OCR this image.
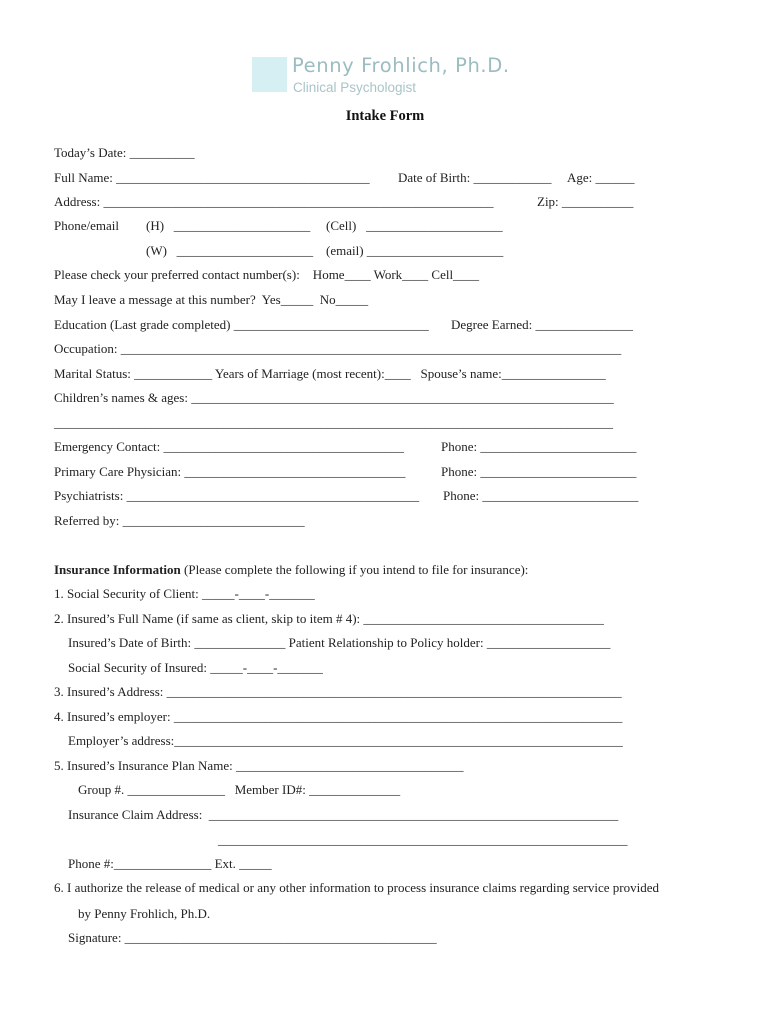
Penny Frohlich, Ph.D.
Clinical Psychologist
Intake Form
Today’s Date: __________
Full Name: _______________________________________ Date of Birth: ____________ Age: ______
Address: ____________________________________________________________	Zip: ___________
Phone/email (H)   _____________________ (Cell)   _____________________
(W)   _____________________ (email) _____________________
Please check your preferred contact number(s):    Home____ Work____ Cell____
May I leave a message at this number?  Yes_____  No_____
Education (Last grade completed) ______________________________ Degree Earned: _______________
Occupation: _____________________________________________________________________________
Marital Status: ____________ Years of Marriage (most recent):____   Spouse’s name:________________
Children’s names & ages: _________________________________________________________________
______________________________________________________________________________________
Emergency Contact: _____________________________________	Phone: ________________________
Primary Care Physician: __________________________________	Phone: ________________________
Psychiatrists: _____________________________________________ Phone: ________________________
Referred by: ____________________________
Insurance Information (Please complete the following if you intend to file for insurance):
1. Social Security of Client: _____-____-_______
2. Insured’s Full Name (if same as client, skip to item # 4): _____________________________________
Insured’s Date of Birth: ______________ Patient Relationship to Policy holder: ___________________
Social Security of Insured: _____-____-_______
3. Insured’s Address: ______________________________________________________________________
4. Insured’s employer: _____________________________________________________________________
Employer’s address:_____________________________________________________________________
5. Insured’s Insurance Plan Name: ___________________________________
Group #. _______________   Member ID#: ______________
Insurance Claim Address:  _______________________________________________________________
_______________________________________________________________
Phone #:_______________ Ext. _____
6. I authorize the release of medical or any other information to process insurance claims regarding service provided
by Penny Frohlich, Ph.D.
Signature: ________________________________________________
